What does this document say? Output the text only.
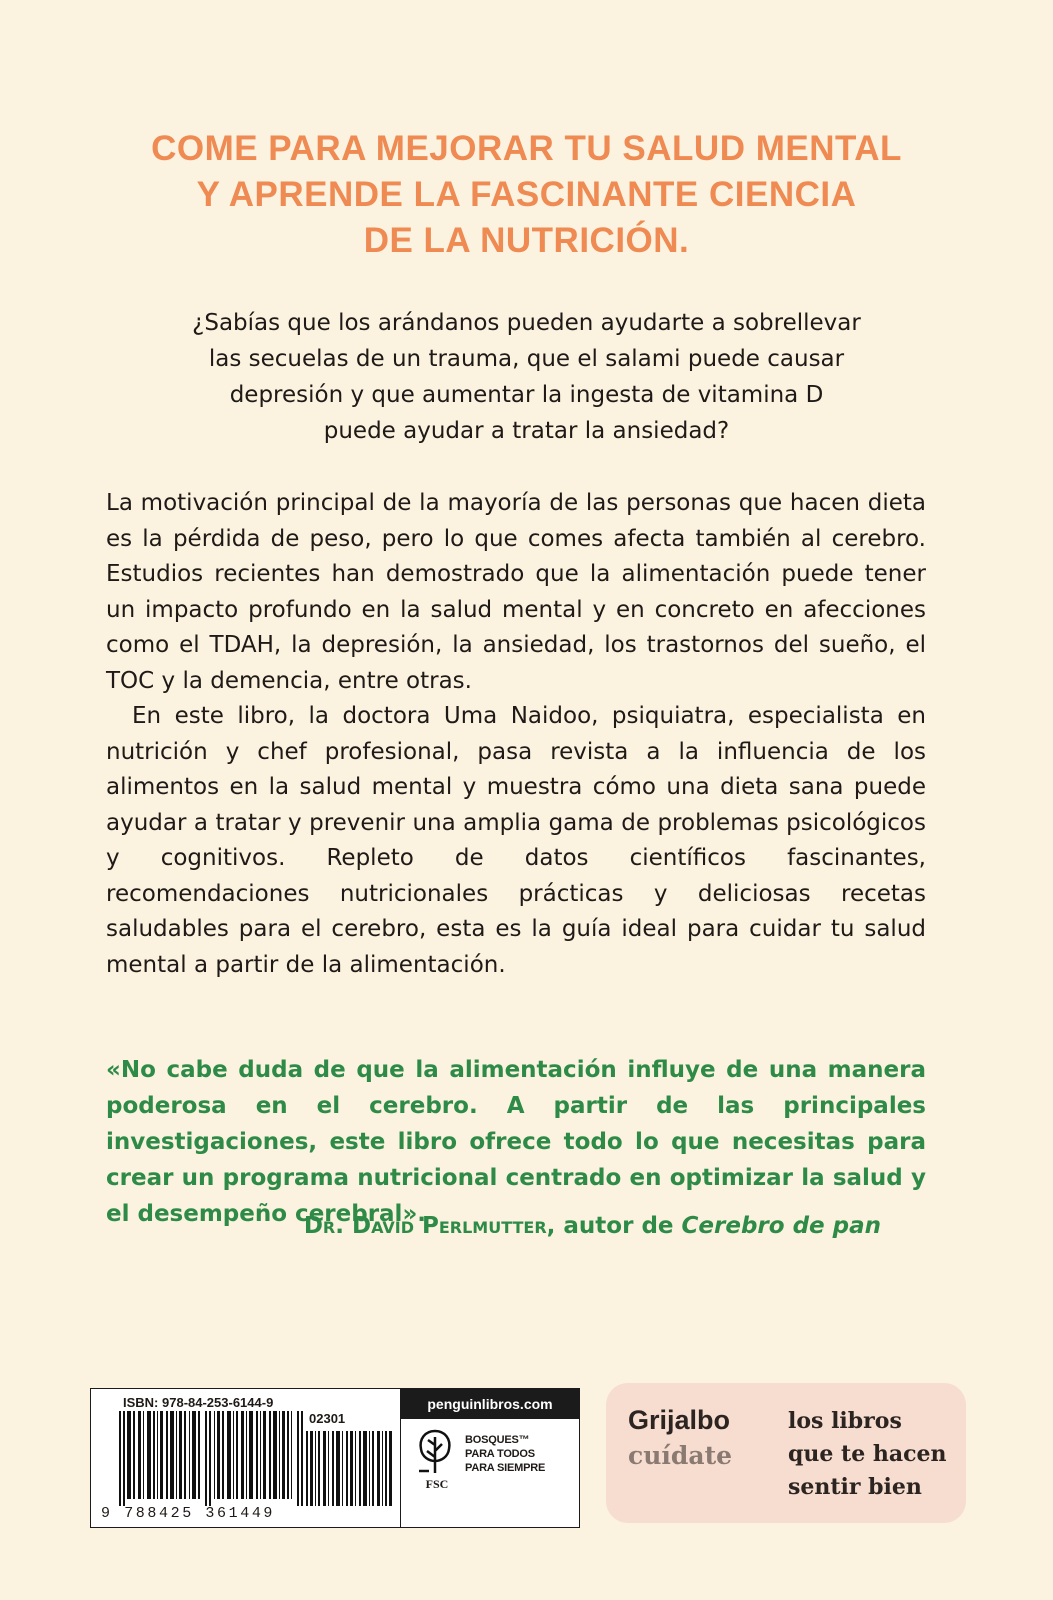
COME PARA MEJORAR TU SALUD MENTAL
Y APRENDE LA FASCINANTE CIENCIA
DE LA NUTRICIÓN.
¿Sabías que los arándanos pueden ayudarte a sobrellevar
las secuelas de un trauma, que el salami puede causar
depresión y que aumentar la ingesta de vitamina D
puede ayudar a tratar la ansiedad?

La motivación principal de la mayoría de las personas que hacen dieta es la pérdida de peso, pero lo que comes afecta también al cerebro. Estudios recientes han demostrado que la alimentación puede tener un impacto profundo en la salud mental y en concreto en afecciones como el TDAH, la depresión, la ansiedad, los trastornos del sueño, el TOC y la demencia, entre otras.

En este libro, la doctora Uma Naidoo, psiquiatra, especialista en nutrición y chef profesional, pasa revista a la influencia de los alimentos en la salud mental y muestra cómo una dieta sana puede ayudar a tratar y prevenir una amplia gama de problemas psicológicos y cognitivos. Repleto de datos científicos fascinantes, recomendaciones nutricionales prácticas y deliciosas recetas saludables para el cerebro, esta es la guía ideal para cuidar tu salud mental a partir de la alimentación.

«No cabe duda de que la alimentación influye de una manera poderosa en el cerebro. A partir de las principales investigaciones, este libro ofrece todo lo que necesitas para crear un programa nutricional centrado en optimizar la salud y el desempeño cerebral».
Dr. David Perlmutter, autor de Cerebro de pan
ISBN: 978-84-253-6144-9
02301
9 788425 361449
penguinlibros.com
FSC
BOSQUES™
PARA TODOS
PARA SIEMPRE
Grijalbo
cuídate
los libros
que te hacen
sentir bien
